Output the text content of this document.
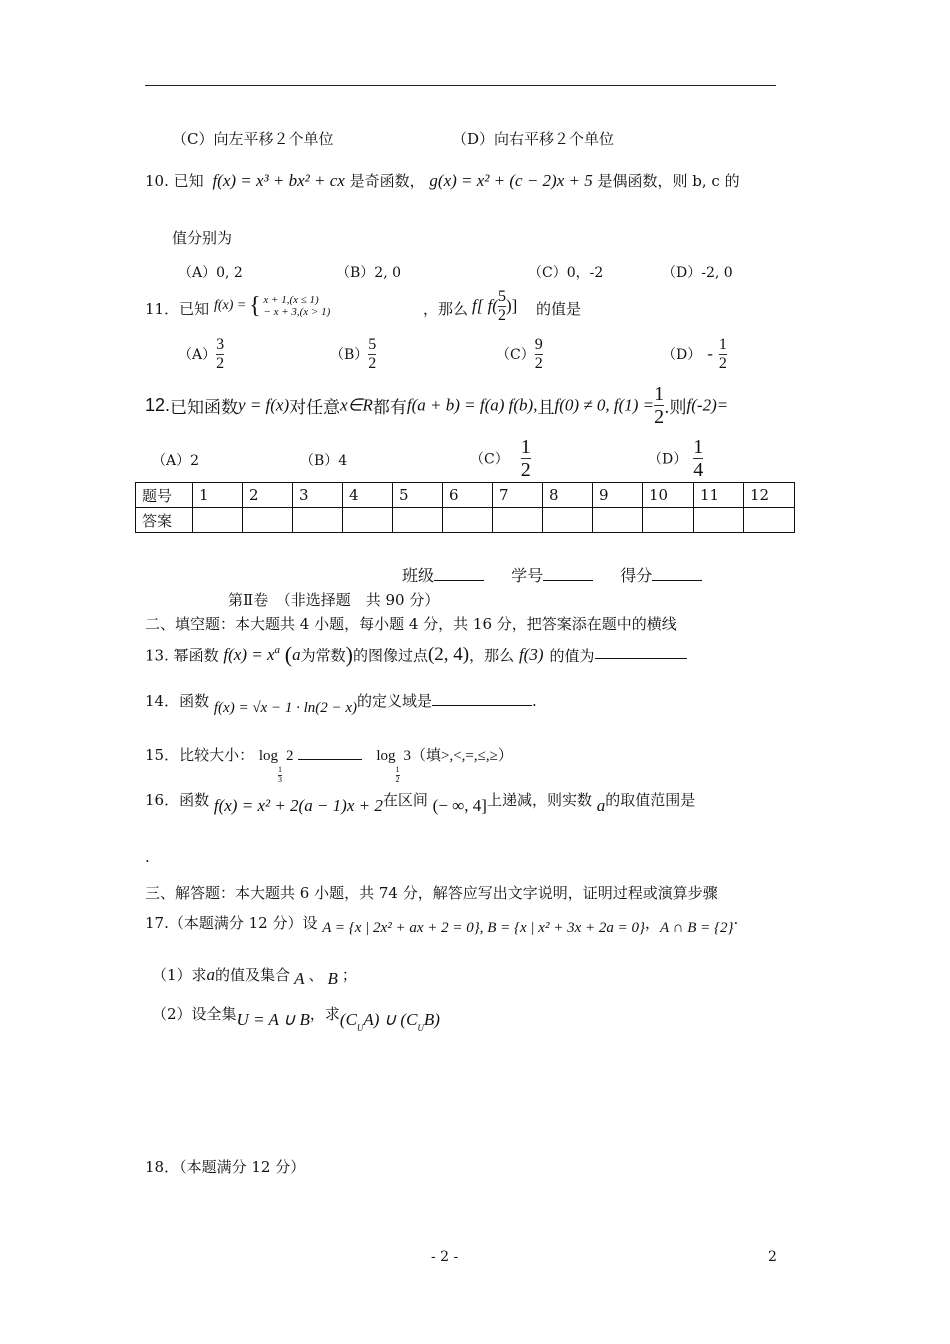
（C）向左平移２个单位	（D）向右平移２个单位
10. 已知 f(x) = x³ + bx² + cx 是奇函数， g(x) = x² + (c − 2)x + 5 是偶函数，则 b, c 的
值分别为
（A）0, 2	（B）2, 0	（C）0，-2	（D）-2, 0
11．已知 f(x) = { x + 1,(x ≤ 1)
− x + 3,(x > 1)	，那么 f[ $f( \frac{5}{2}$ )] 的值是
$(A) \frac{3}{2}$	$(B) \frac{5}{2}$	$(C) \frac{9}{2}$	$(D) - \frac{1}{2}$
12.已知函数y = f(x)对任意x∈R都有f(a + b) = f(a) f(b),且f(0) ≠ 0, $f(1) = \frac{1}{2}$ .则f(-2)=
（A）2	（B）4	$(C) \frac{1}{2}$	$(D) \frac{1}{4}$
题号	1	2	3	4	5	6	7	8	9	10	11	12
答案												
班级	学号	得分
第Ⅱ卷　（非选择题　共 90 分）
二、填空题：本大题共 4 小题，每小题 4 分，共 16 分，把答案添在题中的横线
13. 幂函数 $f(x) = x^a$ (a为常数)的图像过点(2, 4)，那么 f(3) 的值为
14．函数 f(x) = √x − 1 · ln(2 − x)的定义域是	.
15．比较大小： log
$\frac{1}{3}$
2	log
$\frac{1}{2}$
3（填>,<,=,≤,≥）
16．函数 f(x) = x² + 2(a − 1)x + 2在区间 (− ∞, 4]上递减，则实数 a的取值范围是
.
三、解答题：本大题共 6 小题，共 74 分，解答应写出文字说明，证明过程或演算步骤
17.（本题满分 12 分）设 A = {x | 2x² + ax + 2 = 0}, B = {x | x² + 3x + 2a = 0}，A ∩ B = {2}·
（1）求a的值及集合 A 、 B ；
（2）设全集U = A ∪ B，求$(C_UA)$ ∪ $(C_UB)$
18．（本题满分 12 分）
- 2 -	2
